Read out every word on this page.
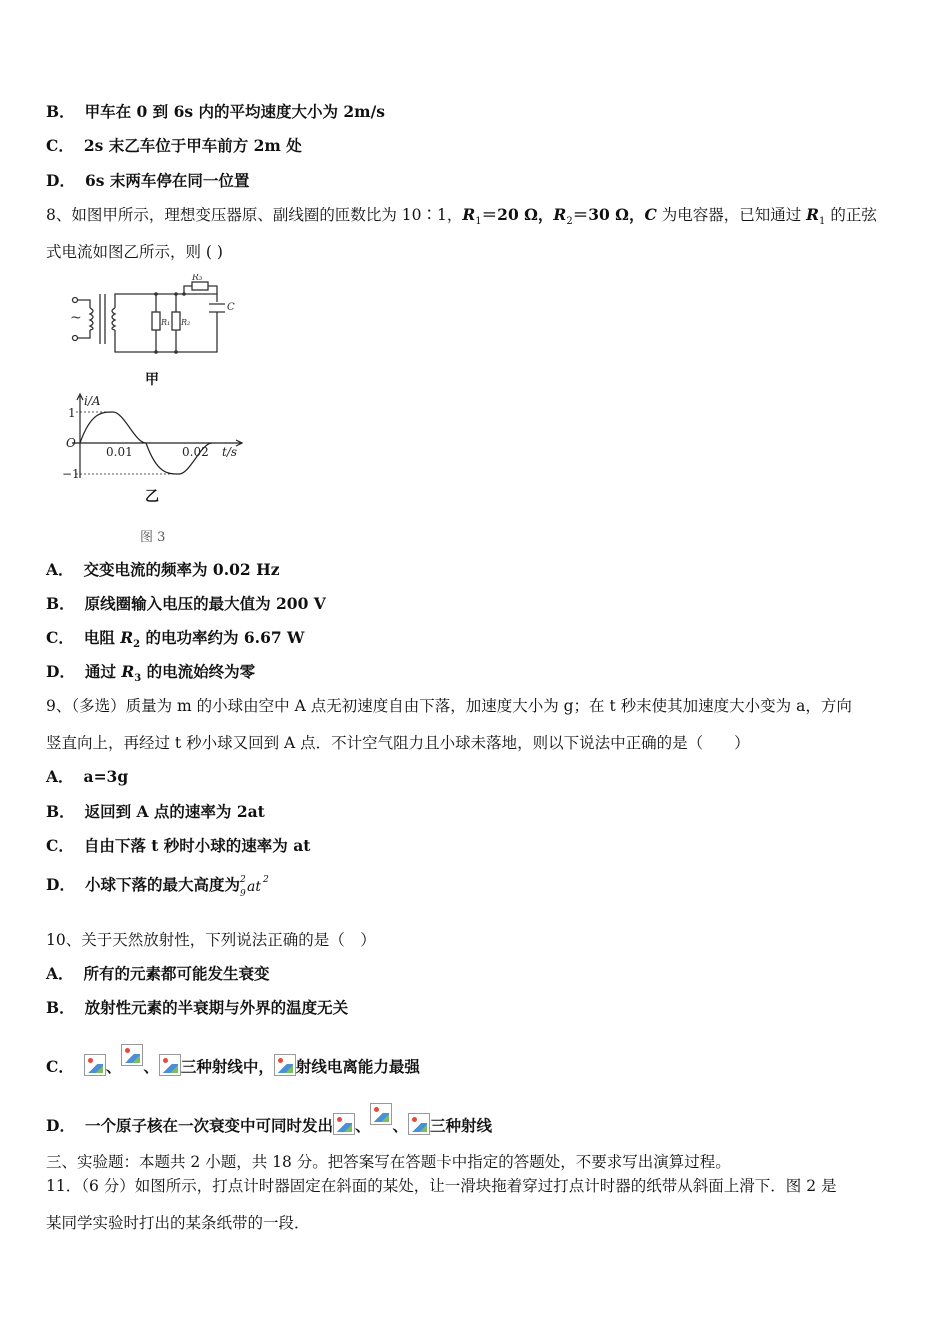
B． 甲车在 0 到 6s 内的平均速度大小为 2m/s
C． 2s 末乙车位于甲车前方 2m 处
D． 6s 末两车停在同一位置
8、如图甲所示，理想变压器原、副线圈的匝数比为 10∶1，$R_1=20$ Ω，$R_2=30$ Ω，C 为电容器，已知通过 $R_1$ 的正弦
式电流如图乙所示，则 ( )
~
R₃
C
R₁ R₂
甲
i/A
1
O
−1
0.01	0.02 t/s
乙
图 3
A． 交变电流的频率为 0.02 Hz
B． 原线圈输入电压的最大值为 200 V
C． 电阻 $R_2$ 的电功率约为 6.67 W
D． 通过 $R_3$ 的电流始终为零
9、（多选）质量为 m 的小球由空中 A 点无初速度自由下落，加速度大小为 g；在 t 秒末使其加速度大小变为 a，方向
竖直向上，再经过 t 秒小球又回到 A 点．不计空气阻力且小球未落地，则以下说法中正确的是（　　）
A． a=3g
B． 返回到 A 点的速率为 2at
C． 自由下落 t 秒时小球的速率为 at
D． 小球下落的最大高度为 2
9 at 2
10、关于天然放射性，下列说法正确的是（　）
A． 所有的元素都可能发生衰变
B． 放射性元素的半衰期与外界的温度无关
C． 、 、 三种射线中， 射线电离能力最强
D． 一个原子核在一次衰变中可同时发出 、 、 三种射线
三、实验题：本题共 2 小题，共 18 分。把答案写在答题卡中指定的答题处，不要求写出演算过程。
11．（6 分）如图所示，打点计时器固定在斜面的某处，让一滑块拖着穿过打点计时器的纸带从斜面上滑下．图 2 是
某同学实验时打出的某条纸带的一段．
